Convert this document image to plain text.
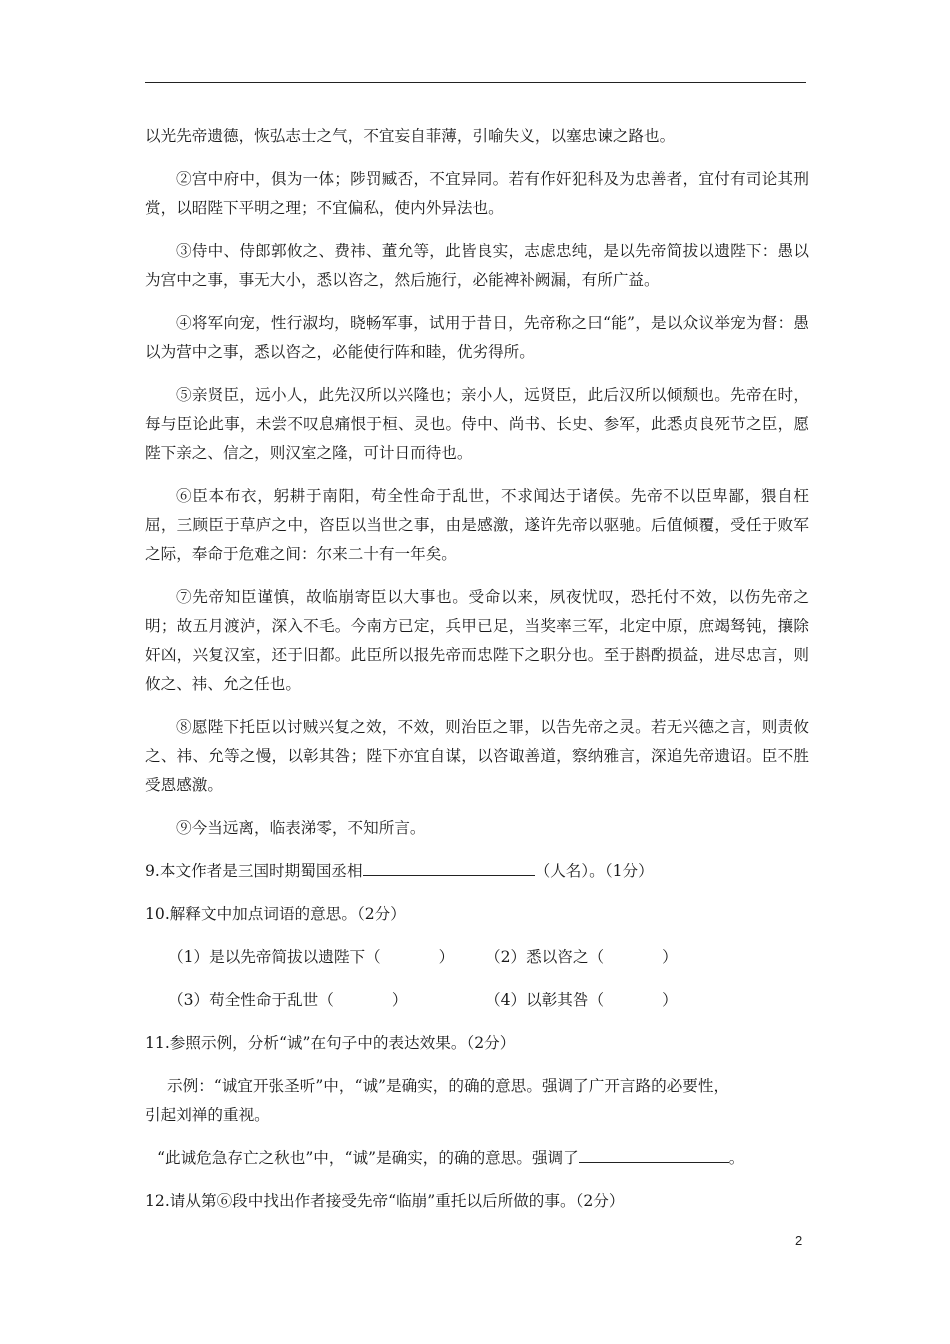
以光先帝遗德，恢弘志士之气，不宜妄自菲薄，引喻失义，以塞忠谏之路也。

②宫中府中，俱为一体；陟罚臧否，不宜异同。若有作奸犯科及为忠善者，宜付有司论其刑赏，以昭陛下平明之理；不宜偏私，使内外异法也。

③侍中、侍郎郭攸之、费祎、董允等，此皆良实，志虑忠纯，是以先帝简拔以遗陛下：愚以为宫中之事，事无大小，悉以咨之，然后施行，必能裨补阙漏，有所广益。

④将军向宠，性行淑均，晓畅军事，试用于昔日，先帝称之曰“能”，是以众议举宠为督：愚以为营中之事，悉以咨之，必能使行阵和睦，优劣得所。

⑤亲贤臣，远小人，此先汉所以兴隆也；亲小人，远贤臣，此后汉所以倾颓也。先帝在时，每与臣论此事，未尝不叹息痛恨于桓、灵也。侍中、尚书、长史、参军，此悉贞良死节之臣，愿陛下亲之、信之，则汉室之隆，可计日而待也。

⑥臣本布衣，躬耕于南阳，苟全性命于乱世，不求闻达于诸侯。先帝不以臣卑鄙，猥自枉屈，三顾臣于草庐之中，咨臣以当世之事，由是感激，遂许先帝以驱驰。后值倾覆，受任于败军之际，奉命于危难之间：尔来二十有一年矣。

⑦先帝知臣谨慎，故临崩寄臣以大事也。受命以来，夙夜忧叹，恐托付不效，以伤先帝之明；故五月渡泸，深入不毛。今南方已定，兵甲已足，当奖率三军，北定中原，庶竭驽钝，攘除奸凶，兴复汉室，还于旧都。此臣所以报先帝而忠陛下之职分也。至于斟酌损益，进尽忠言，则攸之、祎、允之任也。

⑧愿陛下托臣以讨贼兴复之效，不效，则治臣之罪，以告先帝之灵。若无兴德之言，则责攸之、祎、允等之慢，以彰其咎；陛下亦宜自谋，以咨诹善道，察纳雅言，深追先帝遗诏。臣不胜受恩感激。

⑨今当远离，临表涕零，不知所言。

9.本文作者是三国时期蜀国丞相	（人名）。（1分）
10.解释文中加点词语的意思。（2分）
（1）是以先帝简拔以遗陛下（	）	（2）悉以咨之（	）
（3）苟全性命于乱世（	）	（4）以彰其咎（	）
11.参照示例，分析“诚”在句子中的表达效果。（2分）
示例：“诚宜开张圣听”中，“诚”是确实，的确的意思。强调了广开言路的必要性，
引起刘禅的重视。
“此诚危急存亡之秋也”中，“诚”是确实，的确的意思。强调了	。
12.请从第⑥段中找出作者接受先帝“临崩”重托以后所做的事。（2分）
2
